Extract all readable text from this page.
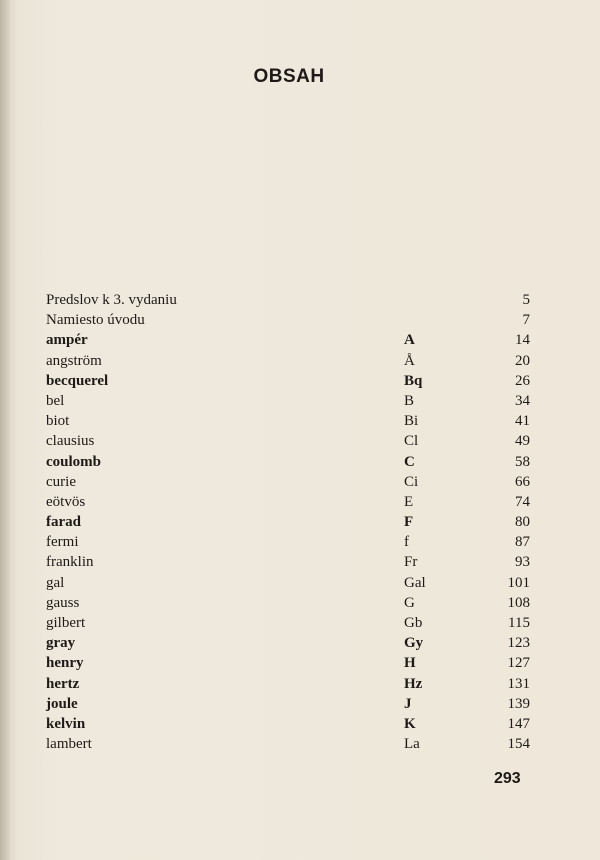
OBSAH
Predslov k 3. vydaniu	5
Namiesto úvodu	7
ampér	A	14
angström	Å	20
becquerel	Bq	26
bel	B	34
biot	Bi	41
clausius	Cl	49
coulomb	C	58
curie	Ci	66
eötvös	E	74
farad	F	80
fermi	f	87
franklin	Fr	93
gal	Gal	101
gauss	G	108
gilbert	Gb	115
gray	Gy	123
henry	H	127
hertz	Hz	131
joule	J	139
kelvin	K	147
lambert	La	154
293
